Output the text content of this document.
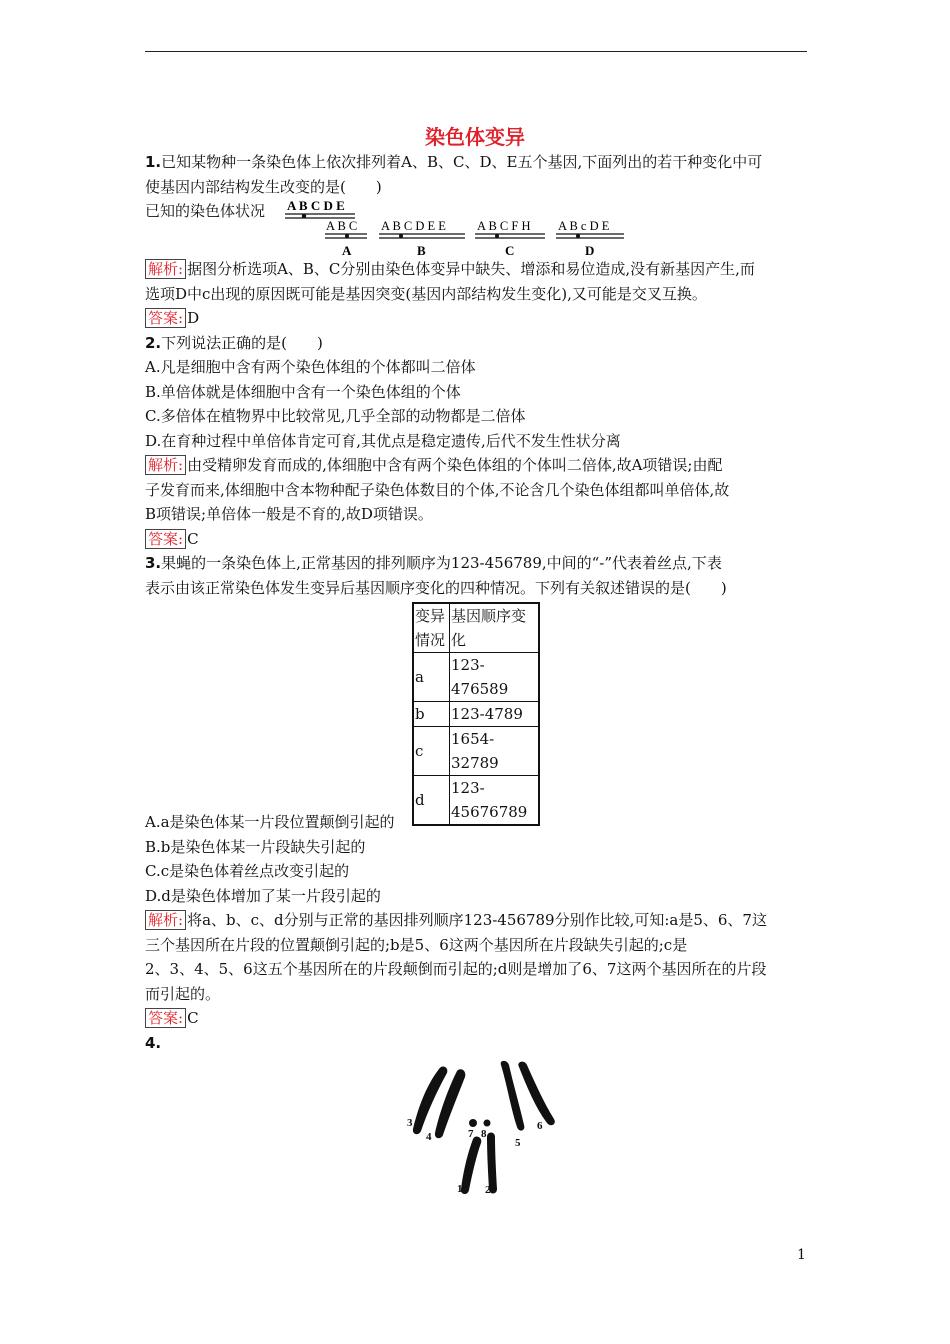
染色体变异
1.已知某物种一条染色体上依次排列着A、B、C、D、E五个基因,下面列出的若干种变化中可
使基因内部结构发生改变的是(　　)
已知的染色体状况 A B C D E
A B C
A
A B C D E E
B
A B C F H
C
A B c D E
D
解析: 据图分析选项A、B、C分别由染色体变异中缺失、增添和易位造成,没有新基因产生,而
选项D中c出现的原因既可能是基因突变(基因内部结构发生变化),又可能是交叉互换。
答案: D
2.下列说法正确的是(　　)
A.凡是细胞中含有两个染色体组的个体都叫二倍体
B.单倍体就是体细胞中含有一个染色体组的个体
C.多倍体在植物界中比较常见,几乎全部的动物都是二倍体
D.在育种过程中单倍体肯定可育,其优点是稳定遗传,后代不发生性状分离
解析: 由受精卵发育而成的,体细胞中含有两个染色体组的个体叫二倍体,故A项错误;由配
子发育而来,体细胞中含本物种配子染色体数目的个体,不论含几个染色体组都叫单倍体,故
B项错误;单倍体一般是不育的,故D项错误。
答案: C
3.果蝇的一条染色体上,正常基因的排列顺序为123-456789,中间的“-”代表着丝点,下表
表示由该正常染色体发生变异后基因顺序变化的四种情况。下列有关叙述错误的是(　　)
变异
情况	基因顺序变
化
a	123-476589
b	123-4789
c	1654-32789
d	123-
45676789
A.a是染色体某一片段位置颠倒引起的
B.b是染色体某一片段缺失引起的
C.c是染色体着丝点改变引起的
D.d是染色体增加了某一片段引起的
解析: 将a、b、c、d分别与正常的基因排列顺序123-456789分别作比较,可知:a是5、6、7这
三个基因所在片段的位置颠倒引起的;b是5、6这两个基因所在片段缺失引起的;c是
2、3、4、5、6这五个基因所在的片段颠倒而引起的;d则是增加了6、7这两个基因所在的片段
而引起的。
答案: C
4.
1 2
3
4	5
6
7 8
1
